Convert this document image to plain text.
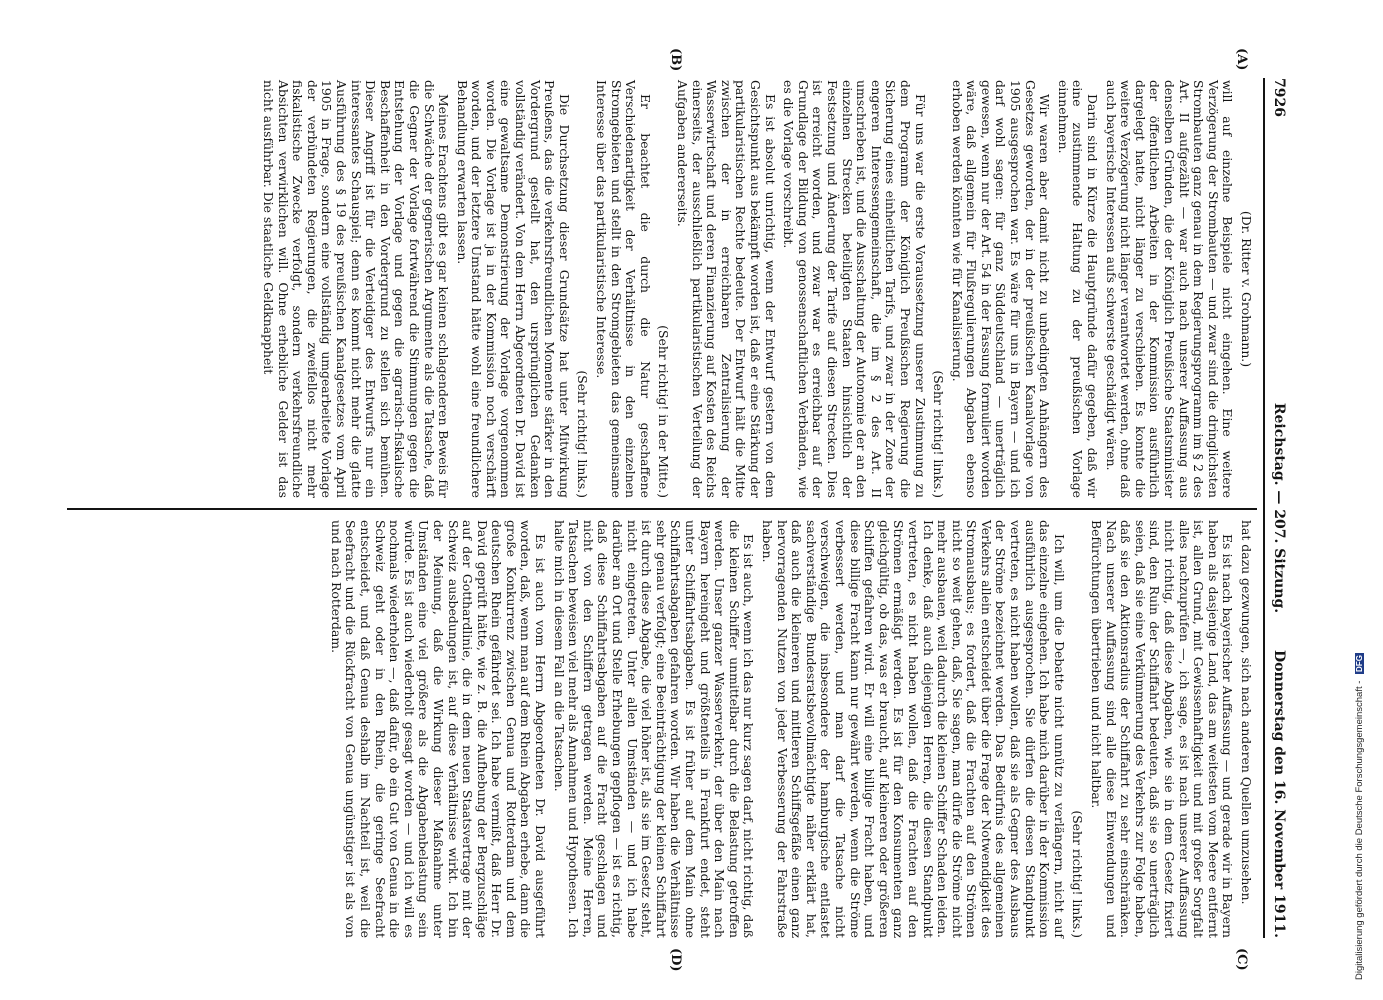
7926
Reichstag. — 207. Sitzung.
Donnerstag den 16. November 1911.
(A)
(B)
(C)
(D)

(Dr. Ritter v. Grohmann.)

will auf einzelne Beispiele nicht eingehen. Eine weitere Verzögerung der Strombauten — und zwar sind die dringlichsten Strombauten ganz genau in dem Regierungsprogramm im § 2 des Art. II aufgezählt — war auch nach unserer Auffassung aus denselben Gründen, die der Königlich Preußische Staatsminister der öffentlichen Arbeiten in der Kommission ausführlich dargelegt hatte, nicht länger zu verschieben. Es konnte die weitere Verzögerung nicht länger verantwortet werden, ohne daß auch bayerische Interessen aufs schwerste geschädigt wären.

Darin sind in Kürze die Hauptgründe dafür gegeben, daß wir eine zustimmende Haltung zu der preußischen Vorlage einnehmen.

Wir waren aber damit nicht zu unbedingten Anhängern des Gesetzes geworden, der in der preußischen Kanalvorlage von 1905 ausgesprochen war. Es wäre für uns in Bayern — und ich darf wohl sagen: für ganz Süddeutschland — unerträglich gewesen, wenn nur der Art. 54 in der Fassung formuliert worden wäre, daß allgemein für Flußregulierungen Abgaben ebenso erhoben werden könnten wie für Kanalisierung.

(Sehr richtig! links.)

Für uns war die erste Voraussetzung unserer Zustimmung zu dem Programm der Königlich Preußischen Regierung die Sicherung eines einheitlichen Tarifs, und zwar in der Zone der engeren Interessengemeinschaft, die im § 2 des Art. II umschrieben ist, und die Ausschaltung der Autonomie der an den einzelnen Strecken beteiligten Staaten hinsichtlich der Festsetzung und Änderung der Tarife auf diesen Strecken. Dies ist erreicht worden, und zwar war es erreichbar auf der Grundlage der Bildung von genossenschaftlichen Verbänden, wie es die Vorlage vorschreibt.

Es ist absolut unrichtig, wenn der Entwurf gestern von dem Gesichtspunkt aus bekämpft worden ist, daß er eine Stärkung der partikularistischen Rechte bedeute. Der Entwurf hält die Mitte zwischen der in erreichbaren Zentralisierung der Wasserwirtschaft und deren Finanzierung auf Kosten des Reichs einerseits, der ausschließlich partikularistischen Verteilung der Aufgaben andererseits.

(Sehr richtig! in der Mitte.)

Er beachtet die durch die Natur geschaffene Verschiedenartigkeit der Verhältnisse in den einzelnen Stromgebieten und stellt in den Stromgebieten das gemeinsame Interesse über das partikularistische Interesse.

(Sehr richtig! links.)

Die Durchsetzung dieser Grundsätze hat unter Mitwirkung Preußens, das die verkehrsfreundlichen Momente stärker in den Vordergrund gestellt hat, den ursprünglichen Gedanken vollständig verändert. Von dem Herrn Abgeordneten Dr. David ist eine gewaltsame Demonstrierung der Vorlage vorgenommen worden. Die Vorlage ist ja in der Kommission noch verschärft worden, und der letztere Umstand hätte wohl eine freundlichere Behandlung erwarten lassen.

Meines Erachtens gibt es gar keinen schlagenderen Beweis für die Schwäche der gegnerischen Argumente als die Tatsache, daß die Gegner der Vorlage fortwährend die Stimmungen gegen die Entstehung der Vorlage und gegen die agrarisch-fiskalische Beschaffenheit in den Vordergrund zu stellen sich bemühen. Dieser Angriff ist für die Verteidiger des Entwurfs nur ein interessantes Schauspiel; denn es kommt nicht mehr die glatte Ausführung des § 19 des preußischen Kanalgesetzes vom April 1905 in Frage, sondern eine vollständig umgearbeitete Vorlage der verbündeten Regierungen, die zweifellos nicht mehr fiskalistische Zwecke verfolgt, sondern verkehrsfreundliche Absichten verwirklichen will. Ohne erhebliche Gelder ist das nicht ausführbar. Die staatliche Geldknappheit

hat dazu gezwungen, sich nach anderen Quellen umzusehen.

Es ist nach bayerischer Auffassung — und gerade wir in Bayern haben als dasjenige Land, das am weitesten vom Meere entfernt ist, allen Grund, mit Gewissenhaftigkeit und mit großer Sorgfalt alles nachzuprüfen —, ich sage, es ist nach unserer Auffassung nicht richtig, daß diese Abgaben, wie sie in dem Gesetz fixiert sind, den Ruin der Schiffahrt bedeuten, daß sie so unerträglich seien, daß sie eine Verkümmerung des Verkehrs zur Folge haben, daß sie den Aktionsradius der Schiffahrt zu sehr einschränken. Nach unserer Auffassung sind alle diese Einwendungen und Befürchtungen übertrieben und nicht haltbar.

(Sehr richtig! links.)

Ich will, um die Debatte nicht unnütz zu verlängern, nicht auf das einzelne eingehen. Ich habe mich darüber in der Kommission ausführlich ausgesprochen. Sie dürfen die diesen Standpunkt vertreten, es nicht haben wollen, daß sie als Gegner des Ausbaus der Ströme bezeichnet werden. Das Bedürfnis des allgemeinen Verkehrs allein entscheidet über die Frage der Notwendigkeit des Stromausbaus; es fordert, daß die Frachten auf den Strömen nicht so weit gehen, daß, Sie sagen, man dürfe die Ströme nicht mehr ausbauen, weil dadurch die kleinen Schiffer Schaden leiden. Ich denke, daß auch diejenigen Herren, die diesen Standpunkt vertreten, es nicht haben wollen, daß die Frachten auf den Strömen ermäßigt werden. Es ist für den Konsumenten ganz gleichgültig, ob das, was er braucht, auf kleineren oder größeren Schiffen gefahren wird. Er will eine billige Fracht haben, und diese billige Fracht kann nur gewährt werden, wenn die Ströme verbessert werden, und man darf die Tatsache nicht verschweigen, die insbesondere der hamburgische entlastet sachverständige Bundesratsbevollmächtigte näher erklärt hat, daß auch die kleineren und mittleren Schiffsgefäße einen ganz hervorragenden Nutzen von jeder Verbesserung der Fahrstraße haben.

Es ist auch, wenn ich das nur kurz sagen darf, nicht richtig, daß die kleinen Schiffer unmittelbar durch die Belastung getroffen werden. Unser ganzer Wasserverkehr, der über den Main nach Bayern hereingeht und größtenteils in Frankfurt endet, steht unter Schiffahrtsabgaben. Es ist früher auf dem Main ohne Schiffahrtsabgaben gefahren worden. Wir haben die Verhältnisse sehr genau verfolgt; eine Beeinträchtigung der kleinen Schiffahrt ist durch diese Abgabe, die viel höher ist, als sie im Gesetz steht, nicht eingetreten. Unter allen Umständen — und ich habe darüber an Ort und Stelle Erhebungen gepflogen — ist es richtig, daß diese Schiffahrtsabgaben auf die Fracht geschlagen und nicht von den Schiffern getragen werden. Meine Herren, Tatsachen beweisen viel mehr als Annahmen und Hypothesen. Ich halte mich in diesem Fall an die Tatsachen.

Es ist auch vom Herrn Abgeordneten Dr. David ausgeführt worden, daß, wenn man auf dem Rhein Abgaben erhebe, dann die große Konkurrenz zwischen Genua und Rotterdam und dem deutschen Rhein gefährdet sei. Ich habe vermißt, daß Herr Dr. David geprüft hätte, wie z. B. die Aufhebung der Bergzuschläge auf der Gotthardlinie, die in dem neuen Staatsvertrage mit der Schweiz ausbedungen ist, auf diese Verhältnisse wirkt. Ich bin der Meinung, daß die Wirkung dieser Maßnahme unter Umständen eine viel größere als die Abgabenbelastung sein würde. Es ist auch wiederholt gesagt worden — und ich will es nochmals wiederholen —, daß dafür, ob ein Gut von Genua in die Schweiz geht oder in den Rhein, die geringe Seefracht entscheidet, und daß Genua deshalb im Nachteil ist, weil die Seefracht und die Rückfracht von Genua ungünstiger ist als von und nach Rotterdam.

Digitalisierung gefördert durch die Deutsche Forschungsgemeinschaft - DFG
